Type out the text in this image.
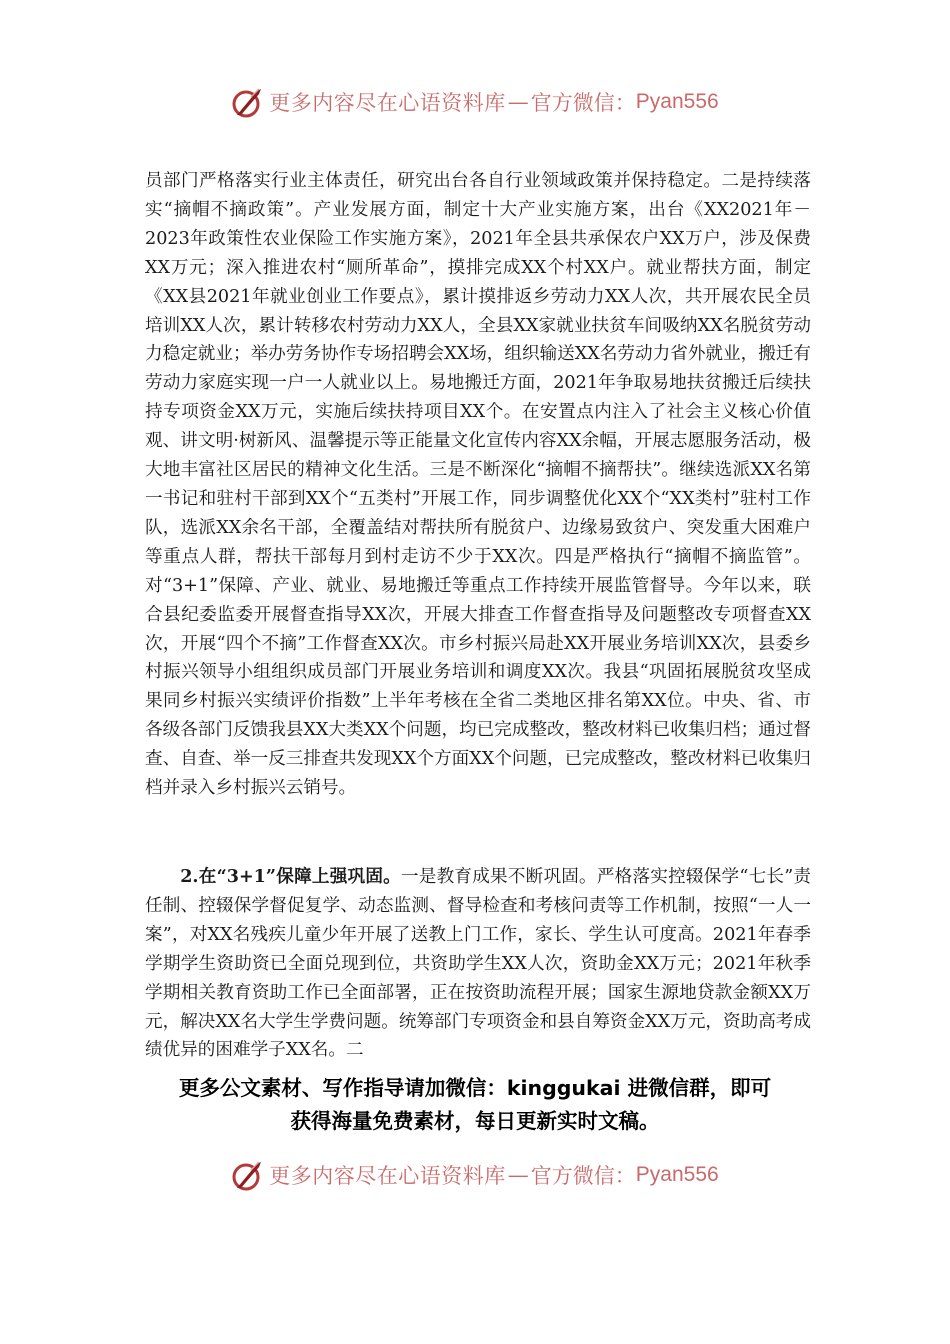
更多内容尽在心语资料库 — 官方微信： Pyan556
员部门严格落实行业主体责任，研究出台各自行业领域政策并保持稳定。二是持续落实“摘帽不摘政策”。产业发展方面，制定十大产业实施方案，出台《XX2021年－2023年政策性农业保险工作实施方案》，2021年全县共承保农户XX万户，涉及保费XX万元；深入推进农村“厕所革命”，摸排完成XX个村XX户。就业帮扶方面，制定《XX县2021年就业创业工作要点》，累计摸排返乡劳动力XX人次，共开展农民全员培训XX人次，累计转移农村劳动力XX人，全县XX家就业扶贫车间吸纳XX名脱贫劳动力稳定就业；举办劳务协作专场招聘会XX场，组织输送XX名劳动力省外就业，搬迁有劳动力家庭实现一户一人就业以上。易地搬迁方面，2021年争取易地扶贫搬迁后续扶持专项资金XX万元，实施后续扶持项目XX个。在安置点内注入了社会主义核心价值观、讲文明·树新风、温馨提示等正能量文化宣传内容XX余幅，开展志愿服务活动，极大地丰富社区居民的精神文化生活。三是不断深化“摘帽不摘帮扶”。继续选派XX名第一书记和驻村干部到XX个“五类村”开展工作，同步调整优化XX个“XX类村”驻村工作队，选派XX余名干部，全覆盖结对帮扶所有脱贫户、边缘易致贫户、突发重大困难户等重点人群，帮扶干部每月到村走访不少于XX次。四是严格执行“摘帽不摘监管”。对“3+1”保障、产业、就业、易地搬迁等重点工作持续开展监管督导。今年以来，联合县纪委监委开展督查指导XX次，开展大排查工作督查指导及问题整改专项督查XX次，开展“四个不摘”工作督查XX次。市乡村振兴局赴XX开展业务培训XX次，县委乡村振兴领导小组组织成员部门开展业务培训和调度XX次。我县“巩固拓展脱贫攻坚成果同乡村振兴实绩评价指数”上半年考核在全省二类地区排名第XX位。中央、省、市各级各部门反馈我县XX大类XX个问题，均已完成整改，整改材料已收集归档；通过督查、自查、举一反三排查共发现XX个方面XX个问题，已完成整改，整改材料已收集归档并录入乡村振兴云销号。
2.在“3+1”保障上强巩固。一是教育成果不断巩固。严格落实控辍保学“七长”责任制、控辍保学督促复学、动态监测、督导检查和考核问责等工作机制，按照“一人一案”，对XX名残疾儿童少年开展了送教上门工作，家长、学生认可度高。2021年春季学期学生资助资已全面兑现到位，共资助学生XX人次，资助金XX万元；2021年秋季学期相关教育资助工作已全面部署，正在按资助流程开展；国家生源地贷款金额XX万元，解决XX名大学生学费问题。统筹部门专项资金和县自筹资金XX万元，资助高考成绩优异的困难学子XX名。二
更多公文素材、写作指导请加微信：kinggukai 进微信群，即可
获得海量免费素材，每日更新实时文稿。
更多内容尽在心语资料库 — 官方微信： Pyan556
